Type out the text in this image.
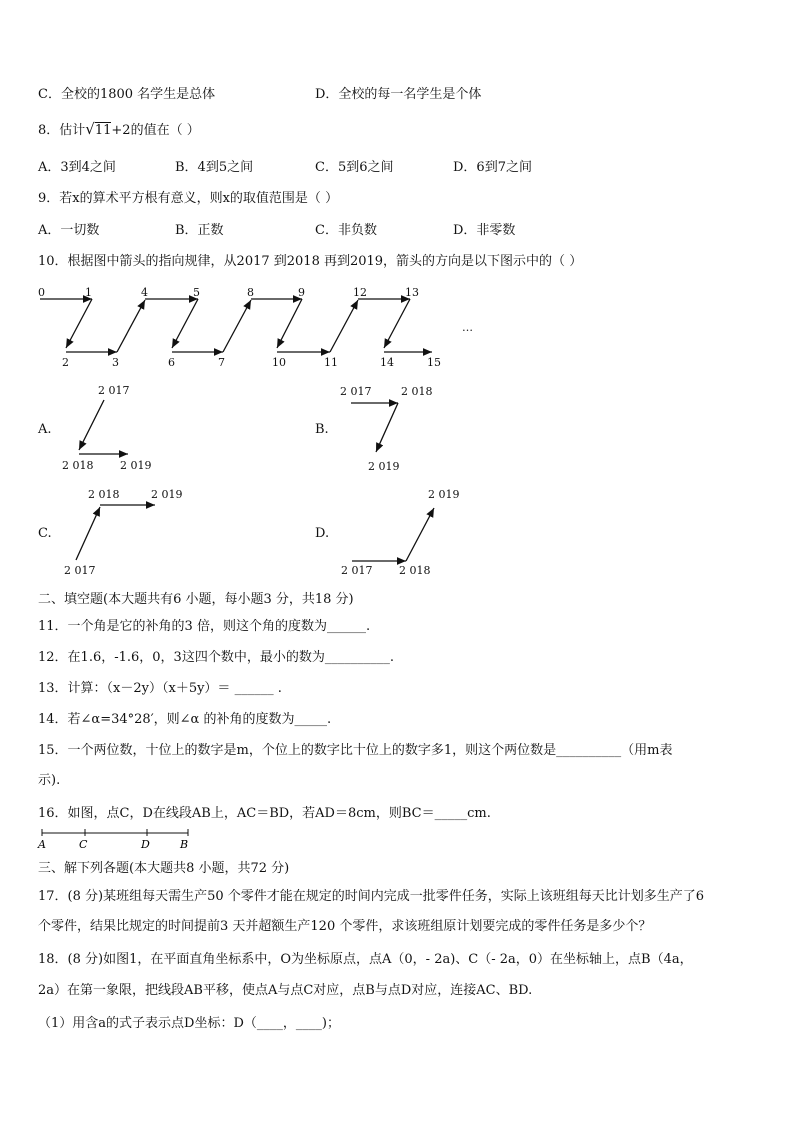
C．全校的1800 名学生是总体	D．全校的每一名学生是个体
8．估计√11+2的值在（ ）
A．3到4之间	B．4到5之间	C．5到6之间	D．6到7之间
9．若x的算术平方根有意义，则x的取值范围是（ ）
A．一切数	B．正数	C．非负数	D．非零数
10．根据图中箭头的指向规律，从2017 到2018 再到2019，箭头的方向是以下图示中的（ ）
0	1	4	5	8	9	12	13
2	3	6	7	10	11	14	15
…
2 017
2 018 2 019
2 017	2 018
2 019
2 018	2 019
2 017
2 019
2 017 2 018
A	C	D	B
A.	B.
C.	D.
二、填空题(本大题共有6 小题，每小题3 分，共18 分)
11．一个角是它的补角的3 倍，则这个角的度数为______.
12．在1.6，-1.6，0，3这四个数中，最小的数为__________.
13．计算：（x－2y）（x＋5y）＝ ______ .
14．若∠α=34°28′，则∠α 的补角的度数为_____.
15．一个两位数，十位上的数字是m，个位上的数字比十位上的数字多1，则这个两位数是__________（用m表
示).
16．如图，点C，D在线段AB上，AC＝BD，若AD＝8cm，则BC＝_____cm.
三、解下列各题(本大题共8 小题，共72 分)
17．(8 分)某班组每天需生产50 个零件才能在规定的时间内完成一批零件任务，实际上该班组每天比计划多生产了6
个零件，结果比规定的时间提前3 天并超额生产120 个零件，求该班组原计划要完成的零件任务是多少个？
18．(8 分)如图1，在平面直角坐标系中，O为坐标原点，点A（0，- 2a)、C（- 2a，0）在坐标轴上，点B（4a，
2a）在第一象限，把线段AB平移，使点A与点C对应，点B与点D对应，连接AC、BD.
（1）用含a的式子表示点D坐标：D（____，____)；
